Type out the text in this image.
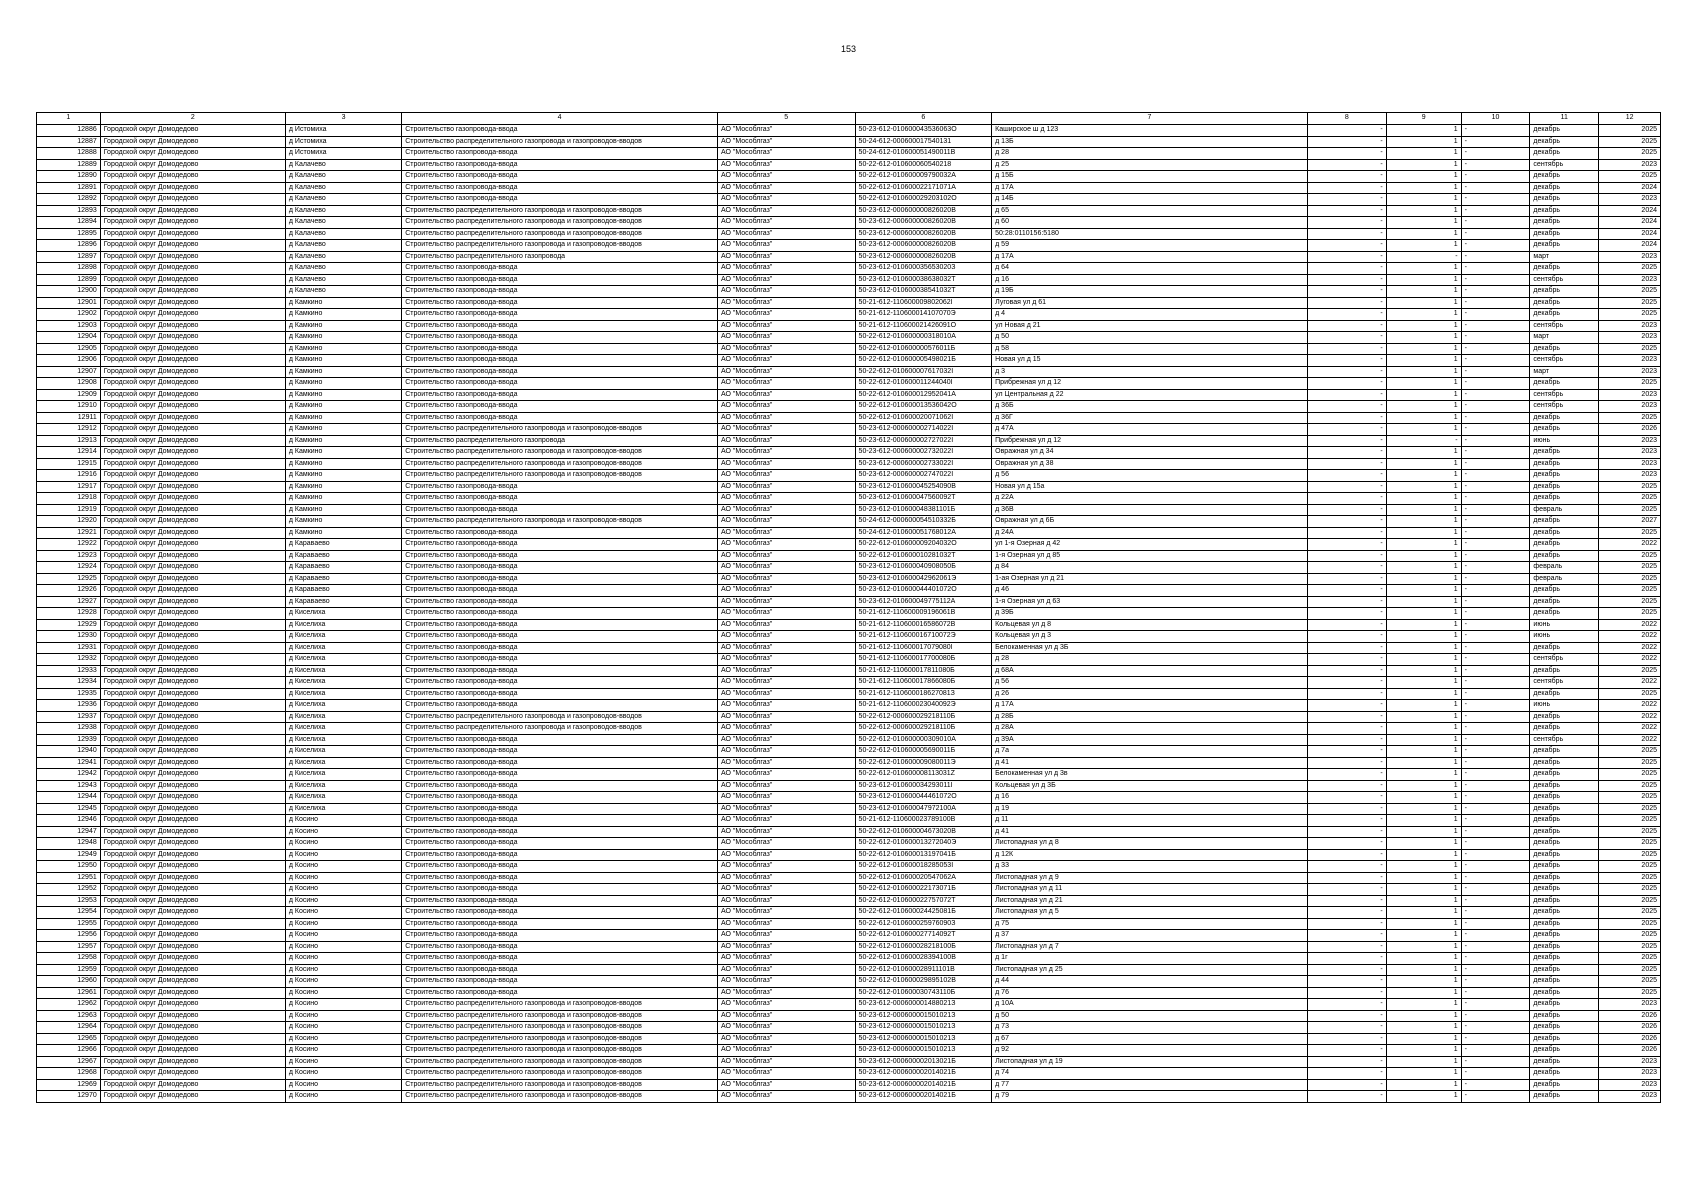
153
1	2	3	4	5	6	7	8	9	10	11	12
12886	Городской округ Домодедово	д Истомиха	Строительство газопровода-ввода	АО "Мособлгаз"	50-23-612-010600043536063О	Каширское ш д 123	-	1	-	декабрь	2025
12887	Городской округ Домодедово	д Истомиха	Строительство распределительного газопровода и газопроводов-вводов	АО "Мособлгаз"	50-24-612-000600017540131	д 13Б	-	1	-	декабрь	2025
12888	Городской округ Домодедово	д Истомиха	Строительство газопровода-ввода	АО "Мособлгаз"	50-24-612-010600051490011В	д 28	-	1	-	декабрь	2025
12889	Городской округ Домодедово	д Калачево	Строительство газопровода-ввода	АО "Мособлгаз"	50-22-612-010600060540218	д 25	-	1	-	сентябрь	2023
12890	Городской округ Домодедово	д Калачево	Строительство газопровода-ввода	АО "Мособлгаз"	50-22-612-010600009790032А	д 15Б	-	1	-	декабрь	2025
12891	Городской округ Домодедово	д Калачево	Строительство газопровода-ввода	АО "Мособлгаз"	50-22-612-010600022171071А	д 17А	-	1	-	декабрь	2024
12892	Городской округ Домодедово	д Калачево	Строительство газопровода-ввода	АО "Мособлгаз"	50-22-612-010600029203102О	д 14Б	-	1	-	декабрь	2023
12893	Городской округ Домодедово	д Калачево	Строительство распределительного газопровода и газопроводов-вводов	АО "Мособлгаз"	50-23-612-000600000826020В	д 65	-	1	-	декабрь	2024
12894	Городской округ Домодедово	д Калачево	Строительство распределительного газопровода и газопроводов-вводов	АО "Мособлгаз"	50-23-612-000600000826020В	д 60	-	1	-	декабрь	2024
12895	Городской округ Домодедово	д Калачево	Строительство распределительного газопровода и газопроводов-вводов	АО "Мособлгаз"	50-23-612-000600000826020В	50:28:0110156:5180	-	1	-	декабрь	2024
12896	Городской округ Домодедово	д Калачево	Строительство распределительного газопровода и газопроводов-вводов	АО "Мособлгаз"	50-23-612-000600000826020В	д 59	-	1	-	декабрь	2024
12897	Городской округ Домодедово	д Калачево	Строительство распределительного газопровода	АО "Мособлгаз"	50-23-612-000600000826020В	д 17А	-	-	-	март	2023
12898	Городской округ Домодедово	д Калачево	Строительство газопровода-ввода	АО "Мособлгаз"	50-23-612-010600035653020З	д 64	-	1	-	декабрь	2025
12899	Городской округ Домодедово	д Калачево	Строительство газопровода-ввода	АО "Мособлгаз"	50-23-612-010600038638032Т	д 16	-	1	-	сентябрь	2023
12900	Городской округ Домодедово	д Калачево	Строительство газопровода-ввода	АО "Мособлгаз"	50-23-612-010600038541032Т	д 19Б	-	1	-	декабрь	2025
12901	Городской округ Домодедово	д Камкино	Строительство газопровода-ввода	АО "Мособлгаз"	50-21-612-110600009802062I	Луговая ул д 61	-	1	-	декабрь	2025
12902	Городской округ Домодедово	д Камкино	Строительство газопровода-ввода	АО "Мособлгаз"	50-21-612-110600014107070Э	д 4	-	1	-	декабрь	2025
12903	Городской округ Домодедово	д Камкино	Строительство газопровода-ввода	АО "Мособлгаз"	50-21-612-110600021426091О	ул Новая д 21	-	1	-	сентябрь	2023
12904	Городской округ Домодедово	д Камкино	Строительство газопровода-ввода	АО "Мособлгаз"	50-22-612-010600000318010А	д 50	-	1	-	март	2023
12905	Городской округ Домодедово	д Камкино	Строительство газопровода-ввода	АО "Мособлгаз"	50-22-612-010600000576011Б	д 58	-	1	-	декабрь	2025
12906	Городской округ Домодедово	д Камкино	Строительство газопровода-ввода	АО "Мособлгаз"	50-22-612-010600005498021Б	Новая ул д 15	-	1	-	сентябрь	2023
12907	Городской округ Домодедово	д Камкино	Строительство газопровода-ввода	АО "Мособлгаз"	50-22-612-010600007617032I	д 3	-	1	-	март	2023
12908	Городской округ Домодедово	д Камкино	Строительство газопровода-ввода	АО "Мособлгаз"	50-22-612-010600011244040I	Прибрежная ул д 12	-	1	-	декабрь	2025
12909	Городской округ Домодедово	д Камкино	Строительство газопровода-ввода	АО "Мособлгаз"	50-22-612-010600012952041А	ул Центральная д 22	-	1	-	сентябрь	2023
12910	Городской округ Домодедово	д Камкино	Строительство газопровода-ввода	АО "Мособлгаз"	50-22-612-010600013536042О	д 36Б	-	1	-	сентябрь	2023
12911	Городской округ Домодедово	д Камкино	Строительство газопровода-ввода	АО "Мособлгаз"	50-22-612-010600020071062I	д 36Г	-	1	-	декабрь	2025
12912	Городской округ Домодедово	д Камкино	Строительство распределительного газопровода и газопроводов-вводов	АО "Мособлгаз"	50-23-612-000600002714022I	д 47А	-	1	-	декабрь	2026
12913	Городской округ Домодедово	д Камкино	Строительство распределительного газопровода	АО "Мособлгаз"	50-23-612-000600002727022I	Прибрежная ул д 12	-	-	-	июнь	2023
12914	Городской округ Домодедово	д Камкино	Строительство распределительного газопровода и газопроводов-вводов	АО "Мособлгаз"	50-23-612-000600002732022I	Овражная ул д 34	-	1	-	декабрь	2023
12915	Городской округ Домодедово	д Камкино	Строительство распределительного газопровода и газопроводов-вводов	АО "Мособлгаз"	50-23-612-000600002733022I	Овражная ул д 38	-	1	-	декабрь	2023
12916	Городской округ Домодедово	д Камкино	Строительство распределительного газопровода и газопроводов-вводов	АО "Мособлгаз"	50-23-612-000600002747022I	д 56	-	1	-	декабрь	2023
12917	Городской округ Домодедово	д Камкино	Строительство газопровода-ввода	АО "Мособлгаз"	50-23-612-010600045254090В	Новая ул д 15а	-	1	-	декабрь	2025
12918	Городской округ Домодедово	д Камкино	Строительство газопровода-ввода	АО "Мособлгаз"	50-23-612-010600047560092Т	д 22А	-	1	-	декабрь	2025
12919	Городской округ Домодедово	д Камкино	Строительство газопровода-ввода	АО "Мособлгаз"	50-23-612-010600048381101Б	д 36В	-	1	-	февраль	2025
12920	Городской округ Домодедово	д Камкино	Строительство распределительного газопровода и газопроводов-вводов	АО "Мособлгаз"	50-24-612-000600054510332Б	Овражная ул д 6Б	-	1	-	декабрь	2027
12921	Городской округ Домодедово	д Камкино	Строительство газопровода-ввода	АО "Мособлгаз"	50-24-612-010600051768012А	д 24А	-	1	-	декабрь	2025
12922	Городской округ Домодедово	д Караваево	Строительство газопровода-ввода	АО "Мособлгаз"	50-22-612-010600009204032О	ул 1-я Озерная д 42	-	1	-	декабрь	2022
12923	Городской округ Домодедово	д Караваево	Строительство газопровода-ввода	АО "Мособлгаз"	50-22-612-010600010281032Т	1-я Озерная ул д 85	-	1	-	декабрь	2025
12924	Городской округ Домодедово	д Караваево	Строительство газопровода-ввода	АО "Мособлгаз"	50-23-612-010600040908050Б	д 84	-	1	-	февраль	2025
12925	Городской округ Домодедово	д Караваево	Строительство газопровода-ввода	АО "Мособлгаз"	50-23-612-010600042962061Э	1-ая Озерная ул д 21	-	1	-	февраль	2025
12926	Городской округ Домодедово	д Караваево	Строительство газопровода-ввода	АО "Мособлгаз"	50-23-612-010600044401072О	д 46	-	1	-	декабрь	2025
12927	Городской округ Домодедово	д Караваево	Строительство газопровода-ввода	АО "Мособлгаз"	50-23-612-010600049775112А	1-я Озерная ул д 63	-	1	-	декабрь	2025
12928	Городской округ Домодедово	д Киселиха	Строительство газопровода-ввода	АО "Мособлгаз"	50-21-612-110600009196061В	д 39Б	-	1	-	декабрь	2025
12929	Городской округ Домодедово	д Киселиха	Строительство газопровода-ввода	АО "Мособлгаз"	50-21-612-110600016586072В	Кольцевая ул д 8	-	1	-	июнь	2022
12930	Городской округ Домодедово	д Киселиха	Строительство газопровода-ввода	АО "Мособлгаз"	50-21-612-110600016710072Э	Кольцевая ул д 3	-	1	-	июнь	2022
12931	Городской округ Домодедово	д Киселиха	Строительство газопровода-ввода	АО "Мособлгаз"	50-21-612-110600017079080I	Белокаменная ул д 3Б	-	1	-	декабрь	2022
12932	Городской округ Домодедово	д Киселиха	Строительство газопровода-ввода	АО "Мособлгаз"	50-21-612-110600017700080Б	д 28	-	1	-	сентябрь	2022
12933	Городской округ Домодедово	д Киселиха	Строительство газопровода-ввода	АО "Мособлгаз"	50-21-612-110600017811080Б	д 68А	-	1	-	декабрь	2025
12934	Городской округ Домодедово	д Киселиха	Строительство газопровода-ввода	АО "Мособлгаз"	50-21-612-110600017866080Б	д 56	-	1	-	сентябрь	2022
12935	Городской округ Домодедово	д Киселиха	Строительство газопровода-ввода	АО "Мособлгаз"	50-21-612-110600018627081З	д 26	-	1	-	декабрь	2025
12936	Городской округ Домодедово	д Киселиха	Строительство газопровода-ввода	АО "Мособлгаз"	50-21-612-110600023040092Э	д 17А	-	1	-	июнь	2022
12937	Городской округ Домодедово	д Киселиха	Строительство распределительного газопровода и газопроводов-вводов	АО "Мособлгаз"	50-22-612-000600029218110Б	д 28Б	-	1	-	декабрь	2022
12938	Городской округ Домодедово	д Киселиха	Строительство распределительного газопровода и газопроводов-вводов	АО "Мособлгаз"	50-22-612-000600029218110Б	д 28А	-	1	-	декабрь	2022
12939	Городской округ Домодедово	д Киселиха	Строительство газопровода-ввода	АО "Мособлгаз"	50-22-612-010600000309010А	д 39А	-	1	-	сентябрь	2022
12940	Городской округ Домодедово	д Киселиха	Строительство газопровода-ввода	АО "Мособлгаз"	50-22-612-010600005690011Б	д 7а	-	1	-	декабрь	2025
12941	Городской округ Домодедово	д Киселиха	Строительство газопровода-ввода	АО "Мособлгаз"	50-22-612-010600009080011Э	д 41	-	1	-	декабрь	2025
12942	Городской округ Домодедово	д Киселиха	Строительство газопровода-ввода	АО "Мособлгаз"	50-22-612-010600008113031Z	Белокаменная ул д 3в	-	1	-	декабрь	2025
12943	Городской округ Домодедово	д Киселиха	Строительство газопровода-ввода	АО "Мособлгаз"	50-23-612-010600034293011I	Кольцевая ул д 3Б	-	1	-	декабрь	2025
12944	Городской округ Домодедово	д Киселиха	Строительство газопровода-ввода	АО "Мособлгаз"	50-23-612-010600044461072О	д 16	-	1	-	декабрь	2025
12945	Городской округ Домодедово	д Киселиха	Строительство газопровода-ввода	АО "Мособлгаз"	50-23-612-010600047972100А	д 19	-	1	-	декабрь	2025
12946	Городской округ Домодедово	д Косино	Строительство газопровода-ввода	АО "Мособлгаз"	50-21-612-110600023789100В	д 11	-	1	-	декабрь	2025
12947	Городской округ Домодедово	д Косино	Строительство газопровода-ввода	АО "Мособлгаз"	50-22-612-010600004673020В	д 41	-	1	-	декабрь	2025
12948	Городской округ Домодедово	д Косино	Строительство газопровода-ввода	АО "Мособлгаз"	50-22-612-010600013272040Э	Листопадная ул д 8	-	1	-	декабрь	2025
12949	Городской округ Домодедово	д Косино	Строительство газопровода-ввода	АО "Мособлгаз"	50-22-612-010600013197041Б	д 12К	-	1	-	декабрь	2025
12950	Городской округ Домодедово	д Косино	Строительство газопровода-ввода	АО "Мособлгаз"	50-22-612-010600018285053I	д 33	-	1	-	декабрь	2025
12951	Городской округ Домодедово	д Косино	Строительство газопровода-ввода	АО "Мособлгаз"	50-22-612-010600020547062А	Листопадная ул д 9	-	1	-	декабрь	2025
12952	Городской округ Домодедово	д Косино	Строительство газопровода-ввода	АО "Мособлгаз"	50-22-612-010600022173071Б	Листопадная ул д 11	-	1	-	декабрь	2025
12953	Городской округ Домодедово	д Косино	Строительство газопровода-ввода	АО "Мособлгаз"	50-22-612-010600022757072Т	Листопадная ул д 21	-	1	-	декабрь	2025
12954	Городской округ Домодедово	д Косино	Строительство газопровода-ввода	АО "Мособлгаз"	50-22-612-010600024425081Б	Листопадная ул д 5	-	1	-	декабрь	2025
12955	Городской округ Домодедово	д Косино	Строительство газопровода-ввода	АО "Мособлгаз"	50-22-612-010600025976090З	д 75	-	1	-	декабрь	2025
12956	Городской округ Домодедово	д Косино	Строительство газопровода-ввода	АО "Мособлгаз"	50-22-612-010600027714092Т	д 37	-	1	-	декабрь	2025
12957	Городской округ Домодедово	д Косино	Строительство газопровода-ввода	АО "Мособлгаз"	50-22-612-010600028218100Б	Листопадная ул д 7	-	1	-	декабрь	2025
12958	Городской округ Домодедово	д Косино	Строительство газопровода-ввода	АО "Мособлгаз"	50-22-612-010600028394100В	д 1г	-	1	-	декабрь	2025
12959	Городской округ Домодедово	д Косино	Строительство газопровода-ввода	АО "Мособлгаз"	50-22-612-010600028911101В	Листопадная ул д 25	-	1	-	декабрь	2025
12960	Городской округ Домодедово	д Косино	Строительство газопровода-ввода	АО "Мособлгаз"	50-22-612-010600029895102В	д 44	-	1	-	декабрь	2025
12961	Городской округ Домодедово	д Косино	Строительство газопровода-ввода	АО "Мособлгаз"	50-22-612-010600030743110Б	д 76	-	1	-	декабрь	2025
12962	Городской округ Домодедово	д Косино	Строительство распределительного газопровода и газопроводов-вводов	АО "Мособлгаз"	50-23-612-000600001488021З	д 10А	-	1	-	декабрь	2023
12963	Городской округ Домодедово	д Косино	Строительство распределительного газопровода и газопроводов-вводов	АО "Мособлгаз"	50-23-612-000600001501021З	д 50	-	1	-	декабрь	2026
12964	Городской округ Домодедово	д Косино	Строительство распределительного газопровода и газопроводов-вводов	АО "Мособлгаз"	50-23-612-000600001501021З	д 73	-	1	-	декабрь	2026
12965	Городской округ Домодедово	д Косино	Строительство распределительного газопровода и газопроводов-вводов	АО "Мособлгаз"	50-23-612-000600001501021З	д 67	-	1	-	декабрь	2026
12966	Городской округ Домодедово	д Косино	Строительство распределительного газопровода и газопроводов-вводов	АО "Мособлгаз"	50-23-612-000600001501021З	д 92	-	1	-	декабрь	2026
12967	Городской округ Домодедово	д Косино	Строительство распределительного газопровода и газопроводов-вводов	АО "Мособлгаз"	50-23-612-000600002013021Б	Листопадная ул д 19	-	1	-	декабрь	2023
12968	Городской округ Домодедово	д Косино	Строительство распределительного газопровода и газопроводов-вводов	АО "Мособлгаз"	50-23-612-000600002014021Б	д 74	-	1	-	декабрь	2023
12969	Городской округ Домодедово	д Косино	Строительство распределительного газопровода и газопроводов-вводов	АО "Мособлгаз"	50-23-612-000600002014021Б	д 77	-	1	-	декабрь	2023
12970	Городской округ Домодедово	д Косино	Строительство распределительного газопровода и газопроводов-вводов	АО "Мособлгаз"	50-23-612-000600002014021Б	д 79	-	1	-	декабрь	2023
